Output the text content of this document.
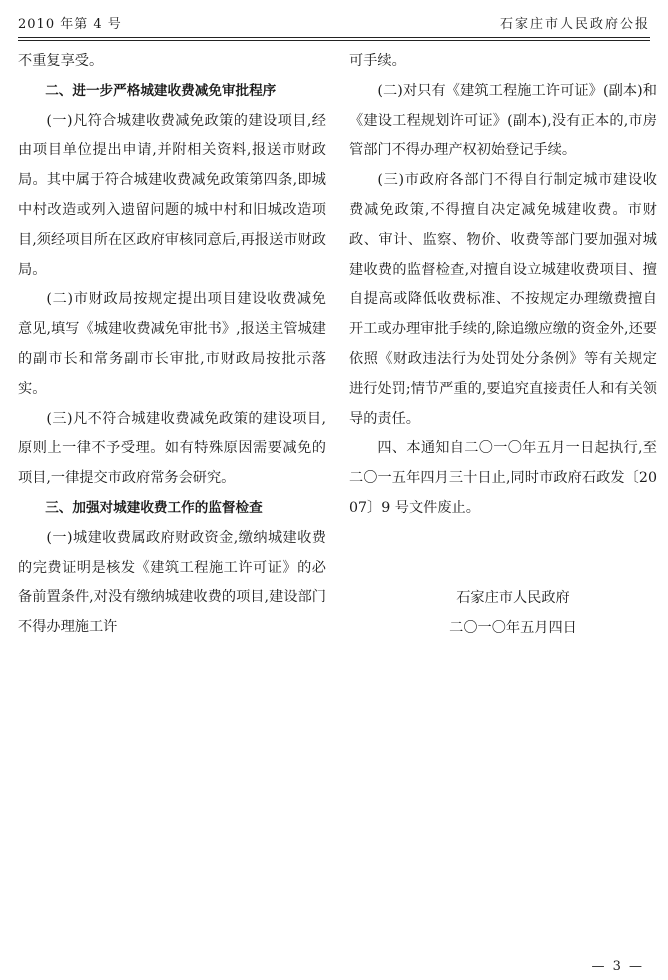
2010 年第 4 号	石家庄市人民政府公报

不重复享受。

二、进一步严格城建收费减免审批程序

(一)凡符合城建收费减免政策的建设项目,经由项目单位提出申请,并附相关资料,报送市财政局。其中属于符合城建收费减免政策第四条,即城中村改造或列入遗留问题的城中村和旧城改造项目,须经项目所在区政府审核同意后,再报送市财政局。

(二)市财政局按规定提出项目建设收费减免意见,填写《城建收费减免审批书》,报送主管城建的副市长和常务副市长审批,市财政局按批示落实。

(三)凡不符合城建收费减免政策的建设项目,原则上一律不予受理。如有特殊原因需要减免的项目,一律提交市政府常务会研究。

三、加强对城建收费工作的监督检查

(一)城建收费属政府财政资金,缴纳城建收费的完费证明是核发《建筑工程施工许可证》的必备前置条件,对没有缴纳城建收费的项目,建设部门不得办理施工许

可手续。

(二)对只有《建筑工程施工许可证》(副本)和《建设工程规划许可证》(副本),没有正本的,市房管部门不得办理产权初始登记手续。

(三)市政府各部门不得自行制定城市建设收费减免政策,不得擅自决定减免城建收费。市财政、审计、监察、物价、收费等部门要加强对城建收费的监督检查,对擅自设立城建收费项目、擅自提高或降低收费标准、不按规定办理缴费擅自开工或办理审批手续的,除追缴应缴的资金外,还要依照《财政违法行为处罚处分条例》等有关规定进行处罚;情节严重的,要追究直接责任人和有关领导的责任。

四、本通知自二〇一〇年五月一日起执行,至二〇一五年四月三十日止,同时市政府石政发〔2007〕9 号文件废止。

石家庄市人民政府

二〇一〇年五月四日

— 3 —
